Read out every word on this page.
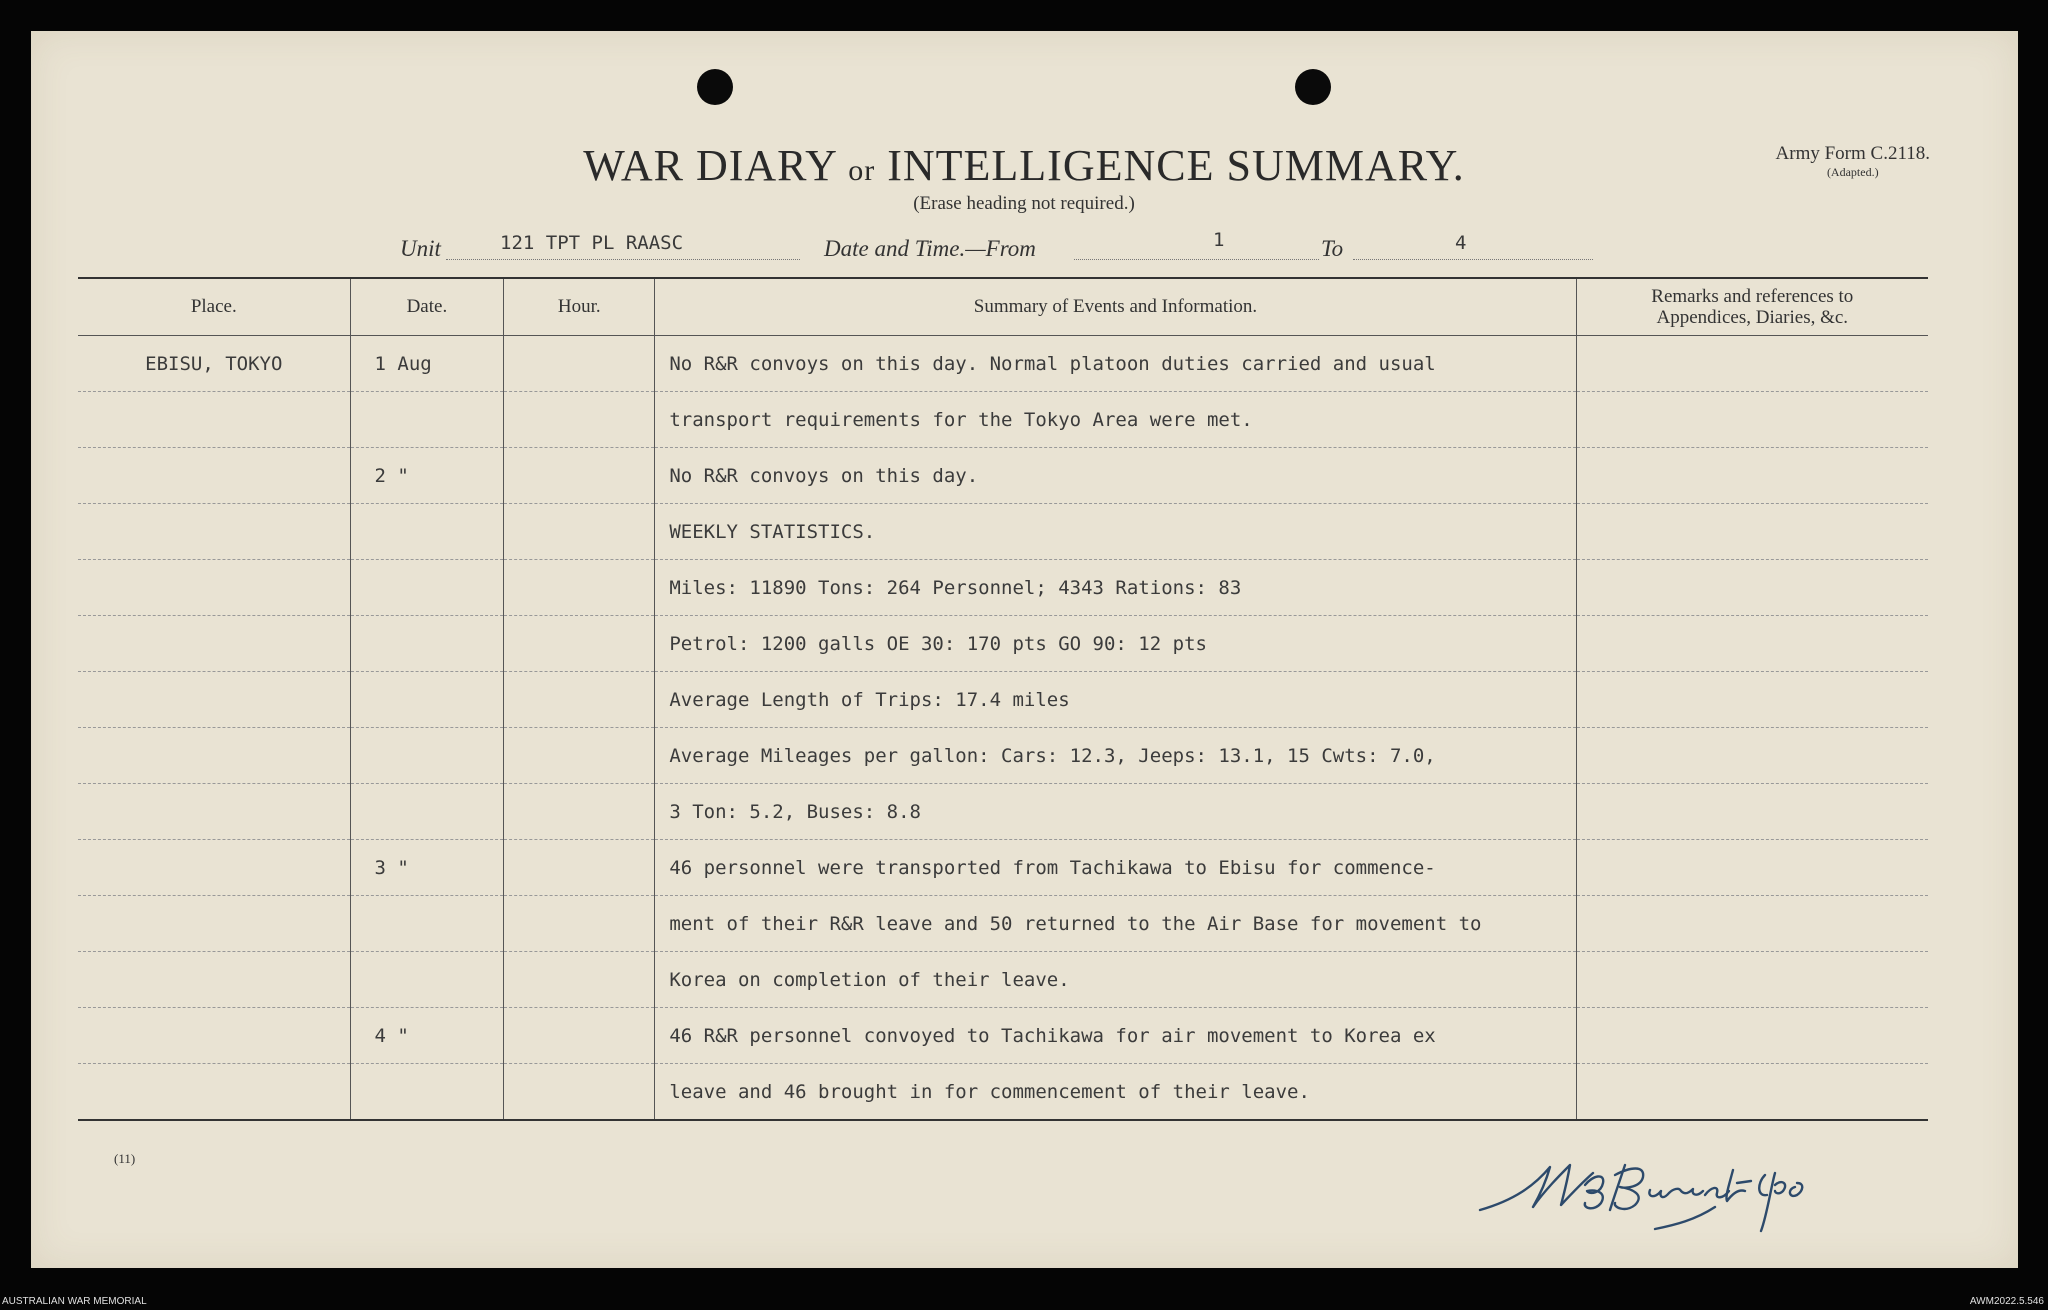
WAR DIARY or INTELLIGENCE SUMMARY.
(Erase heading not required.)
Army Form C.2118.
(Adapted.)
Unit	121 TPT PL RAASC	Date and Time.—From	1	To	4
Place.	Date.	Hour.	Summary of Events and Information.	Remarks and references to
Appendices, Diaries, &c.
EBISU, TOKYO	1 Aug		No R&R convoys on this day. Normal platoon duties carried and usual	
			transport requirements for the Tokyo Area were met.	
	2 "		No R&R convoys on this day.	
			WEEKLY STATISTICS.	
			Miles: 11890 Tons: 264 Personnel; 4343 Rations: 83	
			Petrol: 1200 galls OE 30: 170 pts GO 90: 12 pts	
			Average Length of Trips: 17.4 miles	
			Average Mileages per gallon: Cars: 12.3, Jeeps: 13.1, 15 Cwts: 7.0,	
			3 Ton: 5.2, Buses: 8.8	
	3 "		46 personnel were transported from Tachikawa to Ebisu for commence-	
			ment of their R&R leave and 50 returned to the Air Base for movement to	
			Korea on completion of their leave.	
	4 "		46 R&R personnel convoyed to Tachikawa for air movement to Korea ex	
			leave and 46 brought in for commencement of their leave.	
(11)
AUSTRALIAN WAR MEMORIAL	AWM2022.5.546
